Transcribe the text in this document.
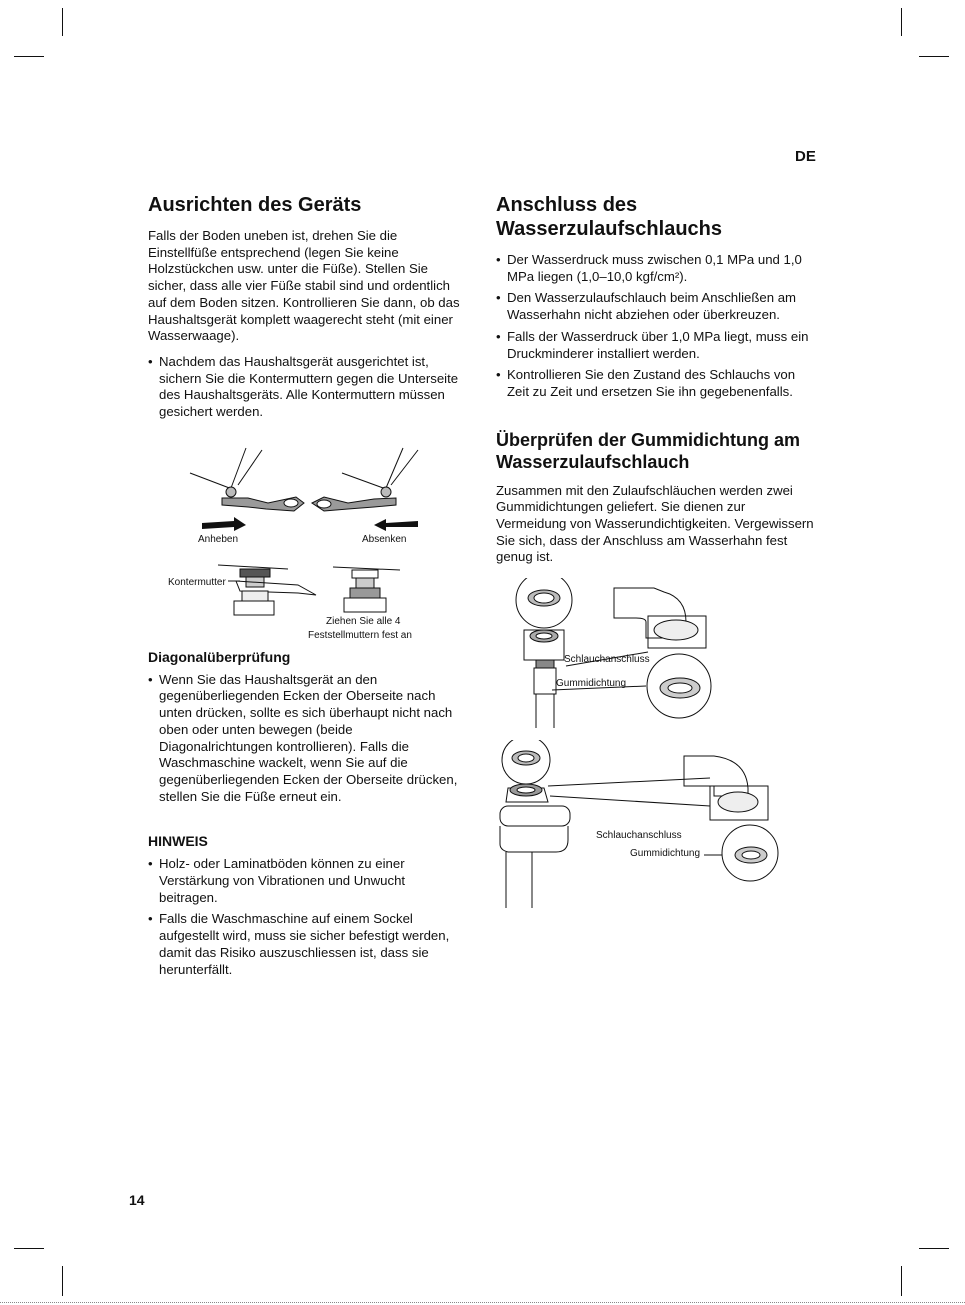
DE
14
Ausrichten des Geräts

Falls der Boden uneben ist, drehen Sie die Einstellfüße entsprechend (legen Sie keine Holzstückchen usw. unter die Füße). Stellen Sie sicher, dass alle vier Füße stabil sind und ordentlich auf dem Boden sitzen. Kontrollieren Sie dann, ob das Haushaltsgerät komplett waagerecht steht (mit einer Wasserwaage).

• Nachdem das Haushaltsgerät ausgerichtet ist, sichern Sie die Kontermuttern gegen die Unterseite des Haushaltsgeräts. Alle Kontermuttern müssen gesichert werden.
Anheben	Absenken
Kontermutter
Ziehen Sie alle 4
Feststellmuttern fest an
Diagonalüberprüfung
• Wenn Sie das Haushaltsgerät an den gegenüberliegenden Ecken der Oberseite nach unten drücken, sollte es sich überhaupt nicht nach oben oder unten bewegen (beide Diagonalrichtungen kontrollieren). Falls die Waschmaschine wackelt, wenn Sie auf die gegenüberliegenden Ecken der Oberseite drücken, stellen Sie die Füße erneut ein.
HINWEIS
• Holz- oder Laminatböden können zu einer Verstärkung von Vibrationen und Unwucht beitragen.
• Falls die Waschmaschine auf einem Sockel aufgestellt wird, muss sie sicher befestigt werden, damit das Risiko auszuschliessen ist, dass sie herunterfällt.
Anschluss des
Wasserzulaufschlauchs
• Der Wasserdruck muss zwischen 0,1 MPa und 1,0 MPa liegen (1,0–10,0 kgf/cm²).
• Den Wasserzulaufschlauch beim Anschließen am Wasserhahn nicht abziehen oder überkreuzen.
• Falls der Wasserdruck über 1,0 MPa liegt, muss ein Druckminderer installiert werden.
• Kontrollieren Sie den Zustand des Schlauchs von Zeit zu Zeit und ersetzen Sie ihn gegebenenfalls.
Überprüfen der Gummidichtung am
Wasserzulaufschlauch

Zusammen mit den Zulaufschläuchen werden zwei Gummidichtungen geliefert. Sie dienen zur Vermeidung von Wasserundichtigkeiten. Vergewissern Sie sich, dass der Anschluss am Wasserhahn fest genug ist.

Schlauchanschluss
Gummidichtung
Schlauchanschluss
Gummidichtung
